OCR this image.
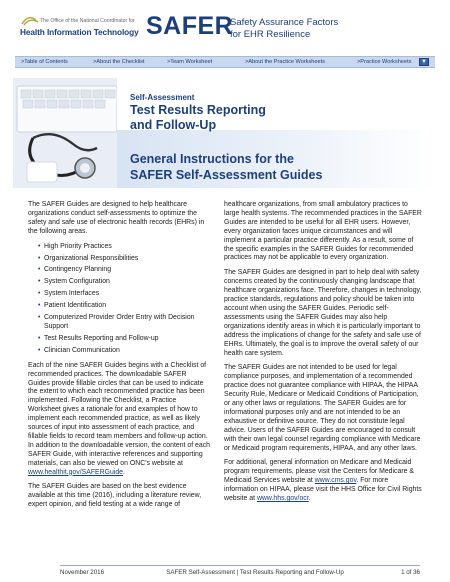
The Office of the National Coordinator for
Health Information Technology SAFER
Safety Assurance Factors
for EHR Resilience
>Table of Contents	>About the Checklist	>Team Worksheet	>About the Practice Worksheets	>Practice Worksheets	▼
Self-Assessment
Test Results Reporting
and Follow-Up
General Instructions for the
SAFER Self-Assessment Guides

The SAFER Guides are designed to help healthcare organizations conduct self-assessments to optimize the safety and safe use of electronic health records (EHRs) in the following areas.

• High Priority Practices
• Organizational Responsibilities
• Contingency Planning
• System Configuration
• System Interfaces
• Patient Identification
• Computerized Provider Order Entry with Decision Support
• Test Results Reporting and Follow-up
• Clinician Communication

Each of the nine SAFER Guides begins with a Checklist of recommended practices. The downloadable SAFER Guides provide fillable circles that can be used to indicate the extent to which each recommended practice has been implemented. Following the Checklist, a Practice Worksheet gives a rationale for and examples of how to implement each recommended practice, as well as likely sources of input into assessment of each practice, and fillable fields to record team members and follow-up action. In addition to the downloadable version, the content of each SAFER Guide, with interactive references and supporting materials, can also be viewed on ONC's website at www.healthit.gov/SAFERGuide.

The SAFER Guides are based on the best evidence available at this time (2016), including a literature review, expert opinion, and field testing at a wide range of

healthcare organizations, from small ambulatory practices to large health systems. The recommended practices in the SAFER Guides are intended to be useful for all EHR users. However, every organization faces unique circumstances and will implement a particular practice differently. As a result, some of the specific examples in the SAFER Guides for recommended practices may not be applicable to every organization.

The SAFER Guides are designed in part to help deal with safety concerns created by the continuously changing landscape that healthcare organizations face. Therefore, changes in technology, practice standards, regulations and policy should be taken into account when using the SAFER Guides. Periodic self-assessments using the SAFER Guides may also help organizations identify areas in which it is particularly important to address the implications of change for the safety and safe use of EHRs. Ultimately, the goal is to improve the overall safety of our health care system.

The SAFER Guides are not intended to be used for legal compliance purposes, and implementation of a recommended practice does not guarantee compliance with HIPAA, the HIPAA Security Rule, Medicare or Medicaid Conditions of Participation, or any other laws or regulations. The SAFER Guides are for informational purposes only and are not intended to be an exhaustive or definitive source. They do not constitute legal advice. Users of the SAFER Guides are encouraged to consult with their own legal counsel regarding compliance with Medicare or Medicaid program requirements, HIPAA, and any other laws.

For additional, general information on Medicare and Medicaid program requirements, please visit the Centers for Medicare & Medicaid Services website at www.cms.gov. For more information on HIPAA, please visit the HHS Office for Civil Rights website at www.hhs.gov/ocr.

November 2016	SAFER Self-Assessment | Test Results Reporting and Follow-Up	1 of 36
